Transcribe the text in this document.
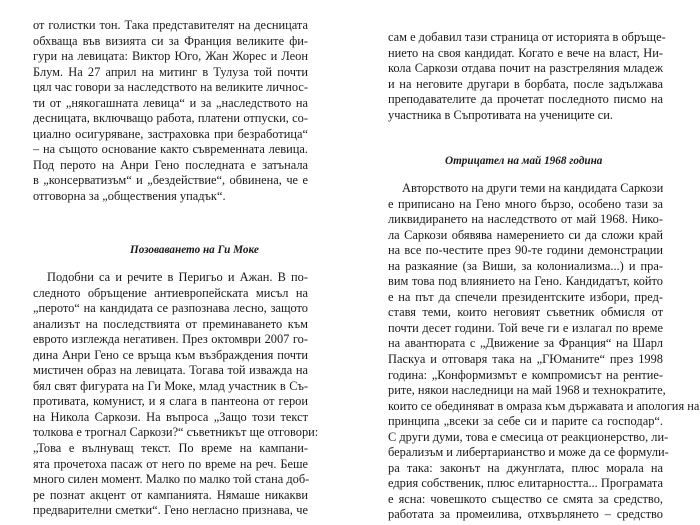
от голистки тон. Така представителят на десницата
обхваща във визията си за Франция великите фи-
гури на левицата: Виктор Юго, Жан Жорес и Леон
Блум. На 27 април на митинг в Тулуза той почти
цял час говори за наследството на великите личнос-
ти от „някогашната левица“ и за „наследството на
десницата, включващо работа, платени отпуски, со-
циално осигуряване, застраховка при безработица“
– на същото основание както съвременната левица.
Под перото на Анри Гено последната е затънала
в „консерватизъм“ и „бездействие“, обвинена, че е
отговорна за „обществения упадък“.
Позоваването на Ги Моке
Подобни са и речите в Перигьо и Ажан. В по-
следното обръщение антиевропейската мисъл на
„перото“ на кандидата се разпознава лесно, защото
анализът на последствията от преминаването към
еврото изглежда негативен. През октомври 2007 го-
дина Анри Гено се връща към възбраждения почти
мистичен образ на левицата. Тогава той изважда на
бял свят фигурата на Ги Моке, млад участник в Съ-
противата, комунист, и я слага в пантеона от герои
на Никола Саркози. На въпроса „Защо този текст
толкова е трогнал Саркози?“ съветникът ще отговори:
„Това е вълнуващ текст. По време на кампани-
ята прочетоха пасаж от него по време на реч. Беше
много силен момент. Малко по малко той стана доб-
ре познат акцент от кампанията. Нямаше никакви
предварителни сметки“. Гено неглaсно признава, че
сам е добавил тази страница от историята в обръще-
нието на своя кандидат. Когато е вече на власт, Ни-
кола Саркози отдава почит на разстреляния младеж
и на неговите другари в борбата, после задължава
преподавателите да прочетат последното писмо на
участника в Съпротивата на учениците си.
Отрицател на май 1968 година
Авторството на други теми на кандидата Саркози
е приписано на Гено много бързо, особено тази за
ликвидирането на наследството от май 1968. Нико-
ла Саркози обявява намерението си да сложи край
на все по-честите през 90-те години демонстрации
на разкаяние (за Виши, за колониализма...) и пра-
вим това под влиянието на Гено. Кандидатът, който
е на път да спечели президентските избори, пред-
ставя теми, които неговият съветник обмисля от
почти десет години. Той вече ги е излагал по време
на авантюрата с „Движение за Франция“ на Шарл
Паскуа и отговаря така на „ГЮманите“ през 1998
година: „Конформизмът е компромисът на рентиe-
рите, някои наследници на май 1968 и технократите,
които се обединяват в омраза към държавата и апология на
принципа „всеки за себе си и парите са господар“.
С други думи, това е смесица от реакционерство, ли-
берализъм и либертарианство и може да се формули-
ра така: законът на джунглата, плюс морала на
едрия собственик, плюс елитарността... Програмата
е ясна: човешкото същество се смята за средство,
работата за промеилива, отхвърлянето – средство
